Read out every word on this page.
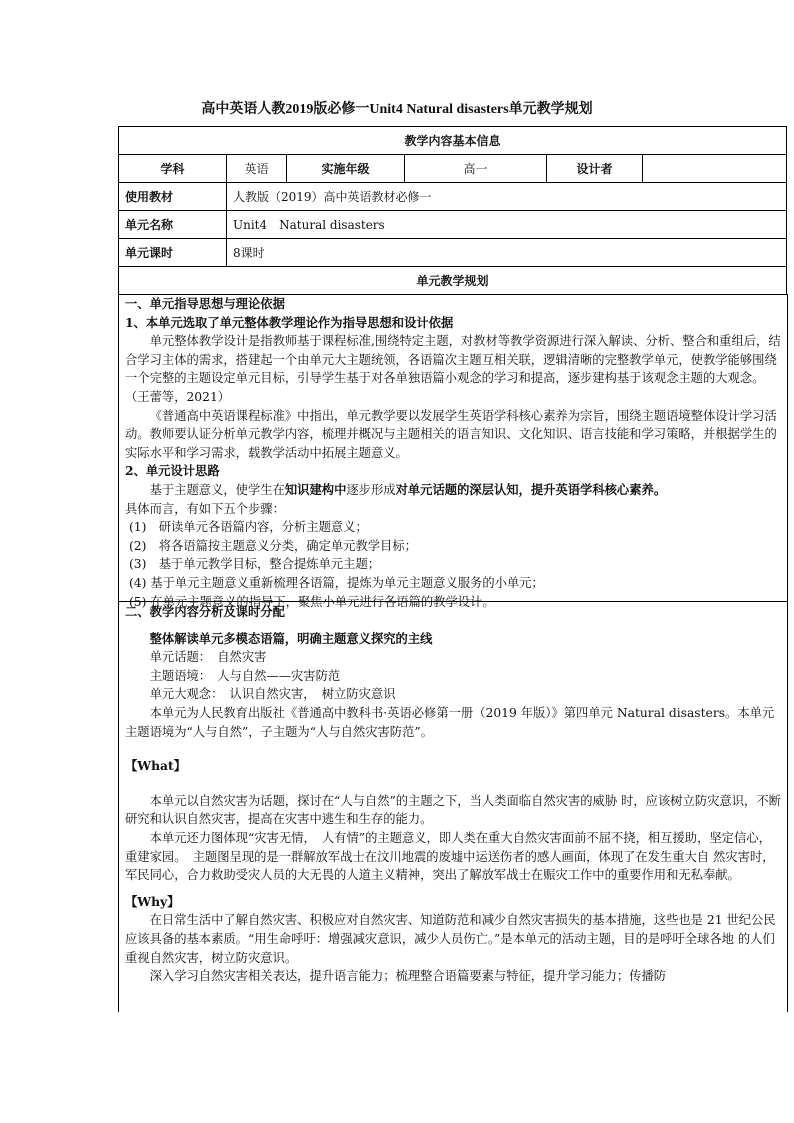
高中英语人教2019版必修一Unit4 Natural disasters单元教学规划
教学内容基本信息					
学科	英语	实施年级	高一	设计者	
使用教材	人教版（2019）高中英语教材必修一				
单元名称	Unit4　Natural disasters				
单元课时	8课时				
单元教学规划					

一、单元指导思想与理论依据

1、本单元选取了单元整体教学理论作为指导思想和设计依据

单元整体教学设计是指教师基于课程标准,围绕特定主题，对教材等教学资源进行深入解读、分析、整合和重组后，结合学习主体的需求，搭建起一个由单元大主题统领，各语篇次主题互相关联，逻辑清晰的完整教学单元，使教学能够围绕一个完整的主题设定单元目标，引导学生基于对各单独语篇小观念的学习和提高，逐步建构基于该观念主题的大观念。（王蕾等，2021）

《普通高中英语课程标准》中指出，单元教学要以发展学生英语学科核心素养为宗旨，围绕主题语境整体设计学习活动。教师要认证分析单元教学内容，梳理并概况与主题相关的语言知识、文化知识、语言技能和学习策略，并根据学生的实际水平和学习需求，载教学活动中拓展主题意义。

2、单元设计思路

基于主题意义，使学生在知识建构中逐步形成对单元话题的深层认知，提升英语学科核心素养。

具体而言，有如下五个步骤：

(1)　研读单元各语篇内容，分析主题意义；
(2)　将各语篇按主题意义分类，确定单元教学目标；
(3)　基于单元教学目标，整合提炼单元主题；
(4) 基于单元主题意义重新梳理各语篇，提炼为单元主题意义服务的小单元；
(5) 在单元主题意义的指导下，聚焦小单元进行各语篇的教学设计。

二、教学内容分析及课时分配

整体解读单元多模态语篇，明确主题意义探究的主线

单元话题：　自然灾害

主题语境：　人与自然——灾害防范

单元大观念：　认识自然灾害，　树立防灾意识

本单元为人民教育出版社《普通高中教科书·英语必修第一册（2019 年版）》第四单元 Natural disasters。本单元主题语境为“人与自然”，子主题为“人与自然灾害防范”。

【What】

本单元以自然灾害为话题，探讨在“人与自然”的主题之下，当人类面临自然灾害的威胁 时，应该树立防灾意识，不断研究和认识自然灾害，提高在灾害中逃生和生存的能力。

本单元还力图体现“灾害无情，　人有情”的主题意义，即人类在重大自然灾害面前不屈不挠，相互援助，坚定信心，重建家园。　主题图呈现的是一群解放军战士在汶川地震的废墟中运送伤者的感人画面，体现了在发生重大自 然灾害时，军民同心，合力救助受灾人员的大无畏的人道主义精神，突出了解放军战士在赈灾工作中的重要作用和无私奉献。

【Why】

在日常生活中了解自然灾害、积极应对自然灾害、知道防范和减少自然灾害损失的基本措施，这些也是 21 世纪公民应该具备的基本素质。“用生命呼吁：增强减灾意识，减少人员伤亡。”是本单元的活动主题，目的是呼吁全球各地 的人们重视自然灾害，树立防灾意识。

深入学习自然灾害相关表达，提升语言能力；梳理整合语篇要素与特征，提升学习能力；传播防
